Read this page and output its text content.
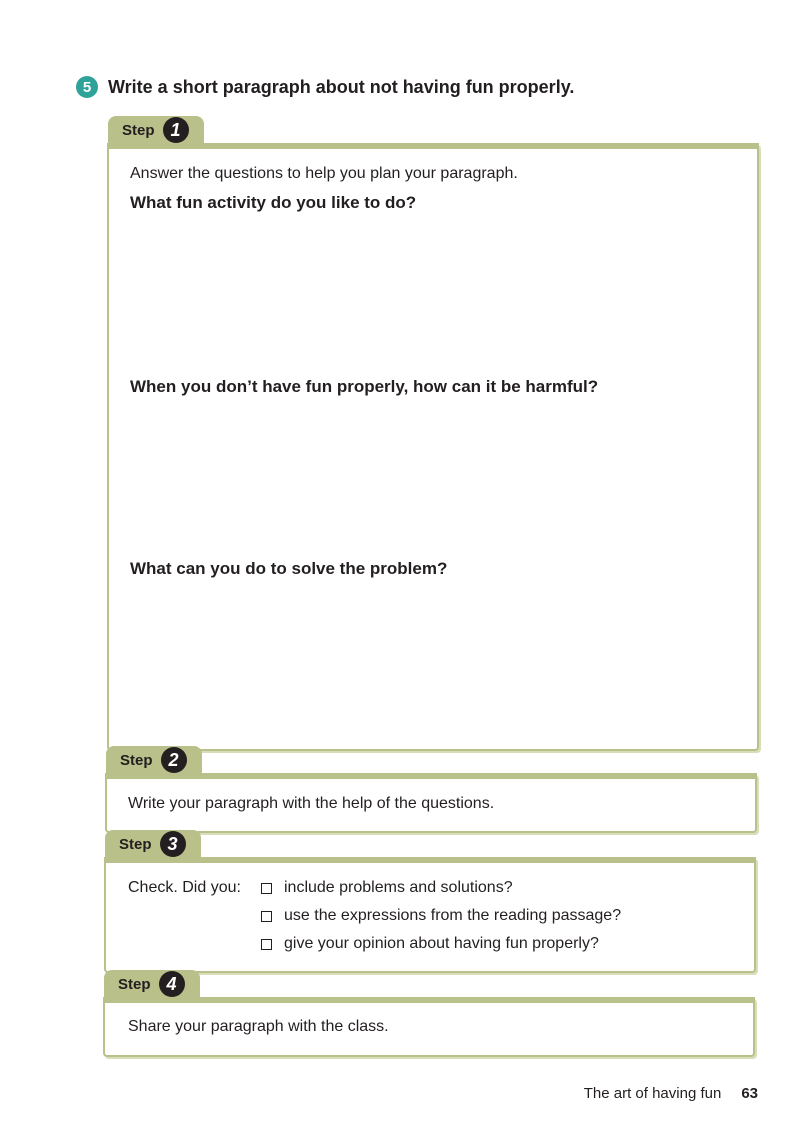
5 Write a short paragraph about not having fun properly.
Step 1
Answer the questions to help you plan your paragraph.
What fun activity do you like to do?
When you don’t have fun properly, how can it be harmful?
What can you do to solve the problem?
Step 2
Write your paragraph with the help of the questions.
Step 3
Check. Did you:	include problems and solutions?
use the expressions from the reading passage?
give your opinion about having fun properly?
Step 4
Share your paragraph with the class.
The art of having fun 63
